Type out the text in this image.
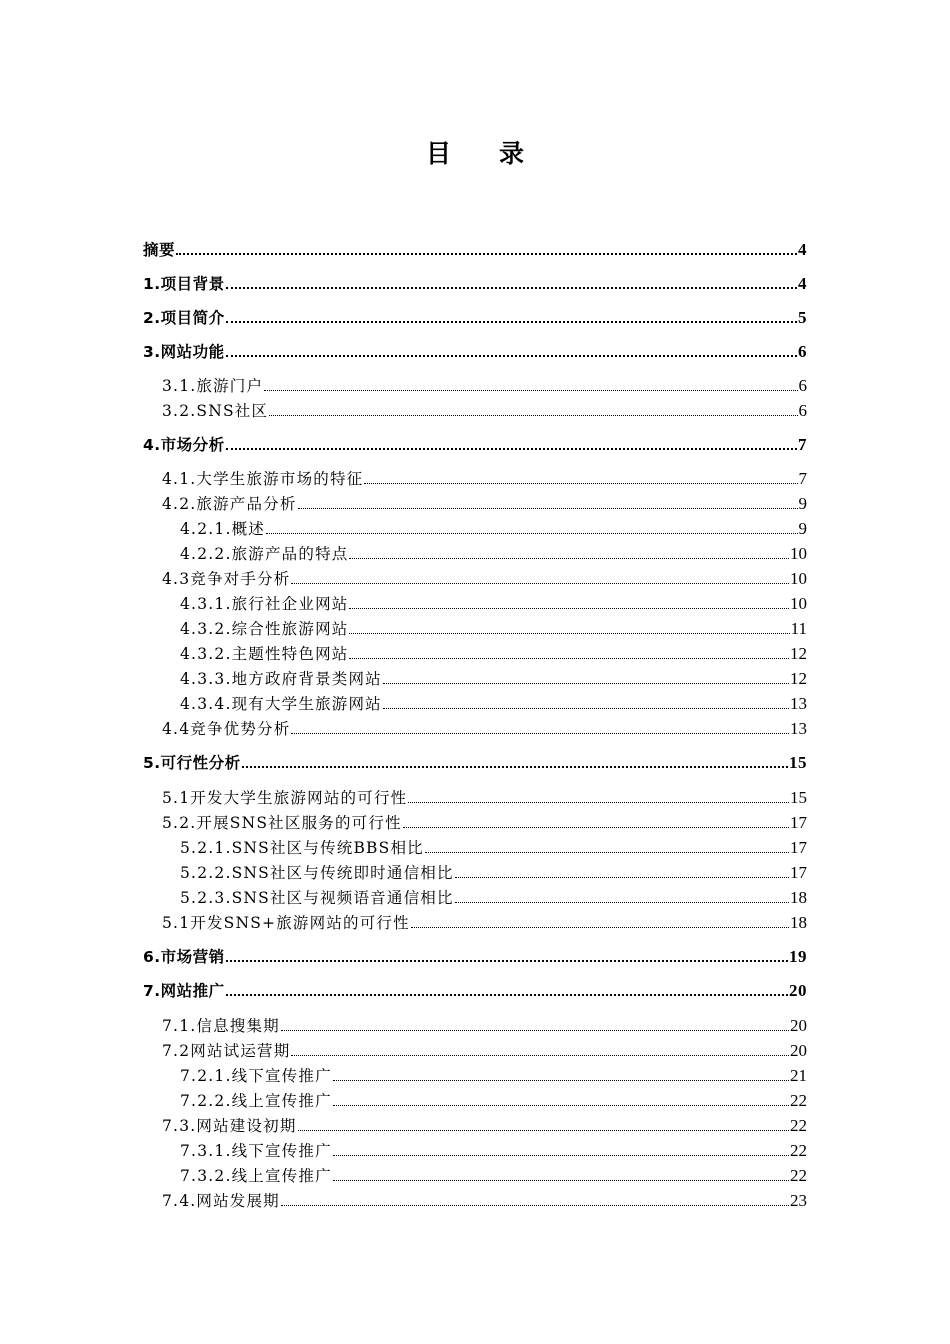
目 录
摘要	4
1.项目背景	4
2.项目简介	5
3.网站功能	6
3.1.旅游门户	6
3.2.SNS社区	6
4.市场分析	7
4.1.大学生旅游市场的特征	7
4.2.旅游产品分析	9
4.2.1.概述	9
4.2.2.旅游产品的特点	10
4.3竞争对手分析	10
4.3.1.旅行社企业网站	10
4.3.2.综合性旅游网站	11
4.3.2.主题性特色网站	12
4.3.3.地方政府背景类网站	12
4.3.4.现有大学生旅游网站	13
4.4竞争优势分析	13
5.可行性分析	15
5.1开发大学生旅游网站的可行性	15
5.2.开展SNS社区服务的可行性	17
5.2.1.SNS社区与传统BBS相比	17
5.2.2.SNS社区与传统即时通信相比	17
5.2.3.SNS社区与视频语音通信相比	18
5.1开发SNS+旅游网站的可行性	18
6.市场营销	19
7.网站推广	20
7.1.信息搜集期	20
7.2网站试运营期	20
7.2.1.线下宣传推广	21
7.2.2.线上宣传推广	22
7.3.网站建设初期	22
7.3.1.线下宣传推广	22
7.3.2.线上宣传推广	22
7.4.网站发展期	23
